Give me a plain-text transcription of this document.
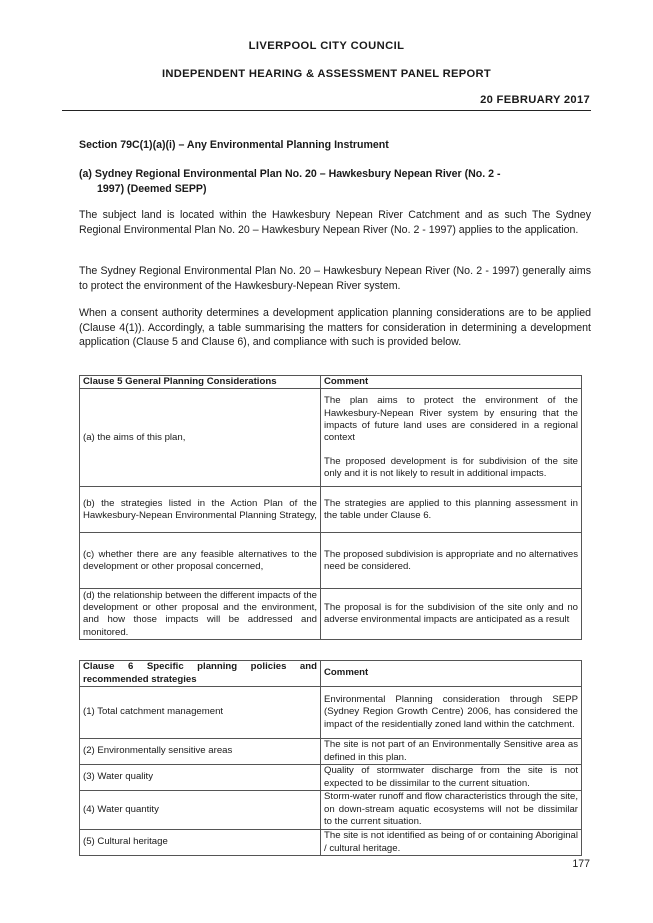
LIVERPOOL CITY COUNCIL
INDEPENDENT HEARING & ASSESSMENT PANEL REPORT
20 FEBRUARY 2017
Section 79C(1)(a)(i) – Any Environmental Planning Instrument
(a) Sydney Regional Environmental Plan No. 20 – Hawkesbury Nepean River (No. 2 -
1997) (Deemed SEPP)
The subject land is located within the Hawkesbury Nepean River Catchment and as such The Sydney Regional Environmental Plan No. 20 – Hawkesbury Nepean River (No. 2 - 1997) applies to the application.
The Sydney Regional Environmental Plan No. 20 – Hawkesbury Nepean River (No. 2 - 1997) generally aims to protect the environment of the Hawkesbury-Nepean River system.
When a consent authority determines a development application planning considerations are to be applied (Clause 4(1)). Accordingly, a table summarising the matters for consideration in determining a development application (Clause 5 and Clause 6), and compliance with such is provided below.
Clause 5 General Planning Considerations	Comment
(a) the aims of this plan,	The plan aims to protect the environment of the Hawkesbury-Nepean River system by ensuring that the impacts of future land uses are considered in a regional context
The proposed development is for subdivision of the site only and it is not likely to result in additional impacts.

(b) the strategies listed in the Action Plan of the Hawkesbury-Nepean Environmental Planning Strategy,	The strategies are applied to this planning assessment in the table under Clause 6.
(c) whether there are any feasible alternatives to the development or other proposal concerned,	The proposed subdivision is appropriate and no alternatives need be considered.
(d) the relationship between the different impacts of the development or other proposal and the environment, and how those impacts will be addressed and monitored.	The proposal is for the subdivision of the site only and no adverse environmental impacts are anticipated as a result
Clause 6 Specific planning policies and recommended strategies	Comment
(1) Total catchment management	Environmental Planning consideration through SEPP (Sydney Region Growth Centre) 2006, has considered the impact of the residentially zoned land within the catchment.
(2) Environmentally sensitive areas	The site is not part of an Environmentally Sensitive area as defined in this plan.
(3) Water quality	Quality of stormwater discharge from the site is not expected to be dissimilar to the current situation.
(4) Water quantity	Storm-water runoff and flow characteristics through the site, on down-stream aquatic ecosystems will not be dissimilar to the current situation.
(5) Cultural heritage	The site is not identified as being of or containing Aboriginal / cultural heritage.
177
